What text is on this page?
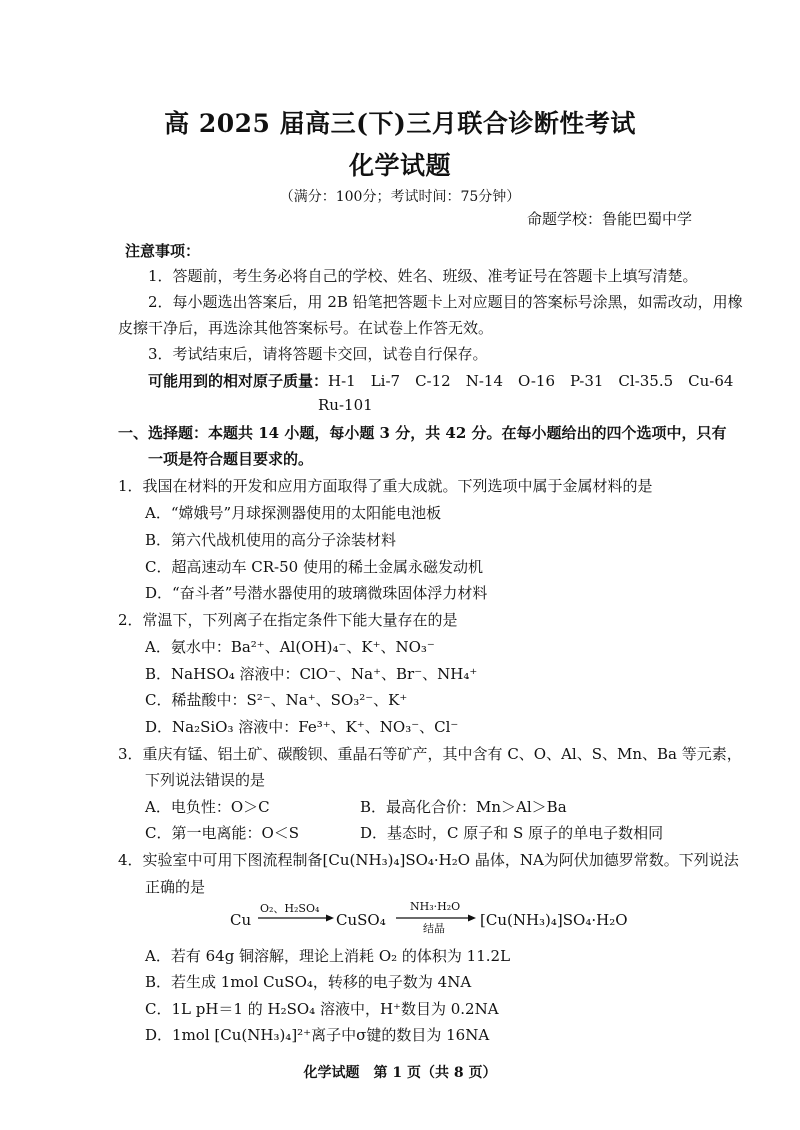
高 2025 届高三(下)三月联合诊断性考试
化学试题
（满分：100分；考试时间：75分钟）
命题学校：鲁能巴蜀中学
注意事项：
1．答题前，考生务必将自己的学校、姓名、班级、准考证号在答题卡上填写清楚。
2．每小题选出答案后，用 2B 铅笔把答题卡上对应题目的答案标号涂黑，如需改动，用橡
皮擦干净后，再选涂其他答案标号。在试卷上作答无效。
3．考试结束后，请将答题卡交回，试卷自行保存。
可能用到的相对原子质量：H-1　Li-7　C-12　N-14　O-16　P-31　Cl-35.5　Cu-64
Ru-101
一、选择题：本题共 14 小题，每小题 3 分，共 42 分。在每小题给出的四个选项中，只有
一项是符合题目要求的。
1．我国在材料的开发和应用方面取得了重大成就。下列选项中属于金属材料的是
A．“嫦娥号”月球探测器使用的太阳能电池板
B．第六代战机使用的高分子涂装材料
C．超高速动车 CR-50 使用的稀土金属永磁发动机
D．“奋斗者”号潜水器使用的玻璃微珠固体浮力材料
2．常温下，下列离子在指定条件下能大量存在的是
A．氨水中：Ba²⁺、Al(OH)₄⁻、K⁺、NO₃⁻
B．NaHSO₄ 溶液中：ClO⁻、Na⁺、Br⁻、NH₄⁺
C．稀盐酸中：S²⁻、Na⁺、SO₃²⁻、K⁺
D．Na₂SiO₃ 溶液中：Fe³⁺、K⁺、NO₃⁻、Cl⁻
3．重庆有锰、铝土矿、碳酸钡、重晶石等矿产，其中含有 C、O、Al、S、Mn、Ba 等元素，
下列说法错误的是
A．电负性：O＞C	B．最高化合价：Mn＞Al＞Ba
C．第一电离能：O＜S	D．基态时，C 原子和 S 原子的单电子数相同
4．实验室中可用下图流程制备[Cu(NH₃)₄]SO₄·H₂O 晶体，NA为阿伏加德罗常数。下列说法
正确的是
Cu
O₂、H₂SO₄
CuSO₄
NH₃·H₂O
结晶 [Cu(NH₃)₄]SO₄·H₂O
A．若有 64g 铜溶解，理论上消耗 O₂ 的体积为 11.2L
B．若生成 1mol CuSO₄，转移的电子数为 4NA
C．1L pH＝1 的 H₂SO₄ 溶液中，H⁺数目为 0.2NA
D．1mol [Cu(NH₃)₄]²⁺离子中σ键的数目为 16NA
化学试题　第 1 页（共 8 页）
